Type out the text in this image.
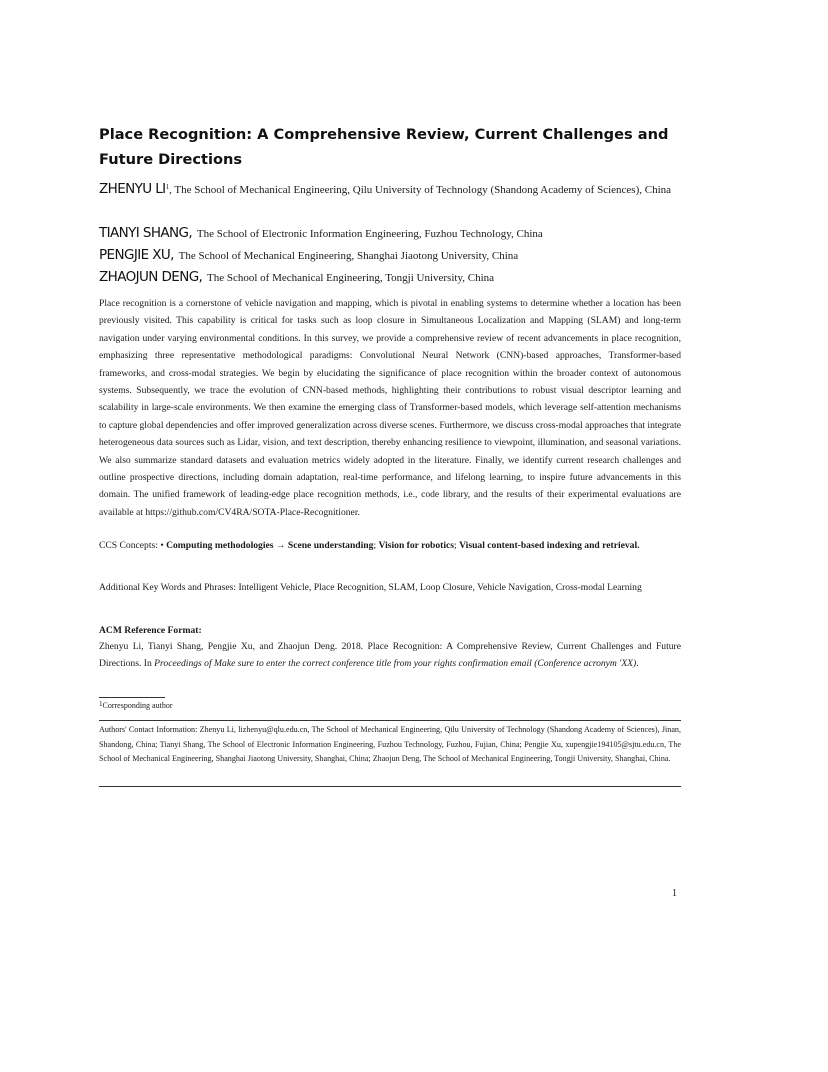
Place Recognition: A Comprehensive Review, Current Challenges and Future Directions
ZHENYU $LI^1$, The School of Mechanical Engineering, Qilu University of Technology (Shandong Academy of Sciences), China
TIANYI SHANG, The School of Electronic Information Engineering, Fuzhou Technology, China
PENGJIE XU, The School of Mechanical Engineering, Shanghai Jiaotong University, China
ZHAOJUN DENG, The School of Mechanical Engineering, Tongji University, China

Place recognition is a cornerstone of vehicle navigation and mapping, which is pivotal in enabling systems to determine whether a location has been previously visited. This capability is critical for tasks such as loop closure in Simultaneous Localization and Mapping (SLAM) and long-term navigation under varying environmental conditions. In this survey, we provide a comprehensive review of recent advancements in place recognition, emphasizing three representative methodological paradigms: Convolutional Neural Network (CNN)-based approaches, Transformer-based frameworks, and cross-modal strategies. We begin by elucidating the significance of place recognition within the broader context of autonomous systems. Subsequently, we trace the evolution of CNN-based methods, highlighting their contributions to robust visual descriptor learning and scalability in large-scale environments. We then examine the emerging class of Transformer-based models, which leverage self-attention mechanisms to capture global dependencies and offer improved generalization across diverse scenes. Furthermore, we discuss cross-modal approaches that integrate heterogeneous data sources such as Lidar, vision, and text description, thereby enhancing resilience to viewpoint, illumination, and seasonal variations. We also summarize standard datasets and evaluation metrics widely adopted in the literature. Finally, we identify current research challenges and outline prospective directions, including domain adaptation, real-time performance, and lifelong learning, to inspire future advancements in this domain. The unified framework of leading-edge place recognition methods, i.e., code library, and the results of their experimental evaluations are available at https://github.com/CV4RA/SOTA-Place-Recognitioner.

CCS Concepts: • Computing methodologies → Scene understanding; Vision for robotics; Visual content-based indexing and retrieval.

Additional Key Words and Phrases: Intelligent Vehicle, Place Recognition, SLAM, Loop Closure, Vehicle Navigation, Cross-modal Learning

ACM Reference Format:

Zhenyu Li, Tianyi Shang, Pengjie Xu, and Zhaojun Deng. 2018. Place Recognition: A Comprehensive Review, Current Challenges and Future Directions. In Proceedings of Make sure to enter the correct conference title from your rights confirmation email (Conference acronym 'XX).

$^1$Corresponding author

Authors' Contact Information: Zhenyu Li, lizhenyu@qlu.edu.cn, The School of Mechanical Engineering, Qilu University of Technology (Shandong Academy of Sciences), Jinan, Shandong, China; Tianyi Shang, The School of Electronic Information Engineering, Fuzhou Technology, Fuzhou, Fujian, China; Pengjie Xu, xupengjie194105@sjtu.edu.cn, The School of Mechanical Engineering, Shanghai Jiaotong University, Shanghai, China; Zhaojun Deng, The School of Mechanical Engineering, Tongji University, Shanghai, China.

1
